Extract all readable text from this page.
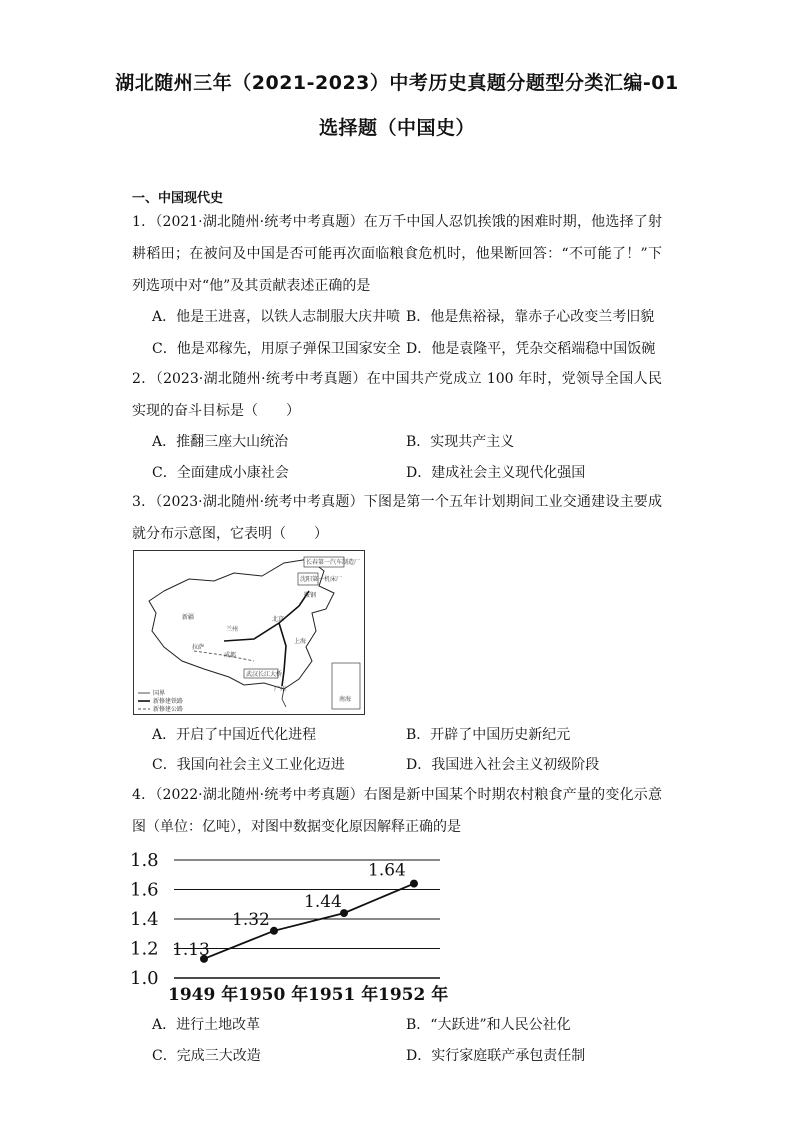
湖北随州三年（2021-2023）中考历史真题分题型分类汇编-01
选择题（中国史）
一、中国现代史
1．（2021·湖北随州·统考中考真题）在万千中国人忍饥挨饿的困难时期，他选择了射耕稻田；在被问及中国是否可能再次面临粮食危机时，他果断回答：“不可能了！”下列选项中对“他”及其贡献表述正确的是
A．他是王进喜，以铁人志制服大庆井喷 B．他是焦裕禄，靠赤子心改变兰考旧貌
C．他是邓稼先，用原子弹保卫国家安全 D．他是袁隆平，凭杂交稻端稳中国饭碗
2．（2023·湖北随州·统考中考真题）在中国共产党成立 100 年时，党领导全国人民实现的奋斗目标是（　　）
A．推翻三座大山统治	B．实现共产主义
C．全面建成小康社会	D．建成社会主义现代化强国
3．（2023·湖北随州·统考中考真题）下图是第一个五年计划期间工业交通建设主要成就分布示意图，它表明（　　）
长春第一汽车制造厂
沈阳第一机床厂
鞍钢
北京
武汉长江大桥
新疆
成都
广州
南海
上海
兰州
拉萨
国界
新修建铁路
新修建公路
A．开启了中国近代化进程	B．开辟了中国历史新纪元
C．我国向社会主义工业化迈进	D．我国进入社会主义初级阶段
4．（2022·湖北随州·统考中考真题）右图是新中国某个时期农村粮食产量的变化示意图（单位：亿吨），对图中数据变化原因解释正确的是
1.0
1.2
1.4
1.6
1.8
1949 年 1950 年 1951 年 1952 年
1.13
1.32
1.44
1.64
A．进行土地改革	B．“大跃进”和人民公社化
C．完成三大改造	D．实行家庭联产承包责任制
